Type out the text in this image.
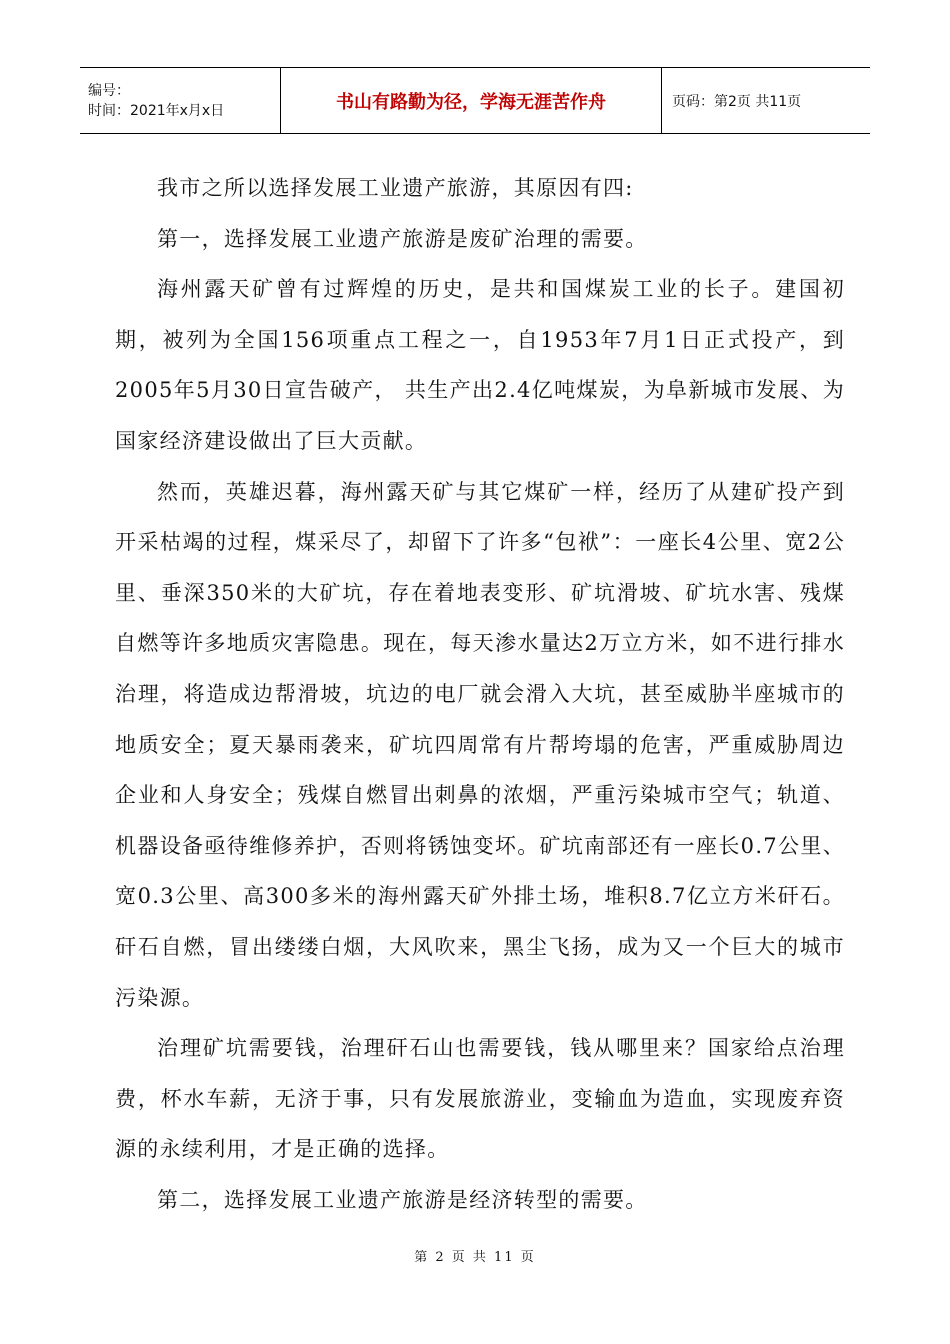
编号：
时间：2021年x月x日	书山有路勤为径，学海无涯苦作舟	页码：第2页 共11页

我市之所以选择发展工业遗产旅游，其原因有四:

第一，选择发展工业遗产旅游是废矿治理的需要。

海州露天矿曾有过辉煌的历史，是共和国煤炭工业的长子。建国初期，被列为全国156项重点工程之一，自1953年7月1日正式投产，到2005年5月30日宣告破产， 共生产出2.4亿吨煤炭，为阜新城市发展、为国家经济建设做出了巨大贡献。

然而，英雄迟暮，海州露天矿与其它煤矿一样，经历了从建矿投产到开采枯竭的过程，煤采尽了，却留下了许多“包袱”：一座长4公里、宽2公里、垂深350米的大矿坑，存在着地表变形、矿坑滑坡、矿坑水害、残煤自燃等许多地质灾害隐患。现在，每天渗水量达2万立方米，如不进行排水治理，将造成边帮滑坡，坑边的电厂就会滑入大坑，甚至威胁半座城市的地质安全；夏天暴雨袭来，矿坑四周常有片帮垮塌的危害，严重威胁周边企业和人身安全；残煤自燃冒出刺鼻的浓烟，严重污染城市空气；轨道、机器设备亟待维修养护，否则将锈蚀变坏。矿坑南部还有一座长0.7公里、宽0.3公里、高300多米的海州露天矿外排土场，堆积8.7亿立方米矸石。矸石自燃，冒出缕缕白烟，大风吹来，黑尘飞扬，成为又一个巨大的城市污染源。

治理矿坑需要钱，治理矸石山也需要钱，钱从哪里来？国家给点治理费，杯水车薪，无济于事，只有发展旅游业，变输血为造血，实现废弃资源的永续利用，才是正确的选择。

第二，选择发展工业遗产旅游是经济转型的需要。

第 2 页 共 11 页
